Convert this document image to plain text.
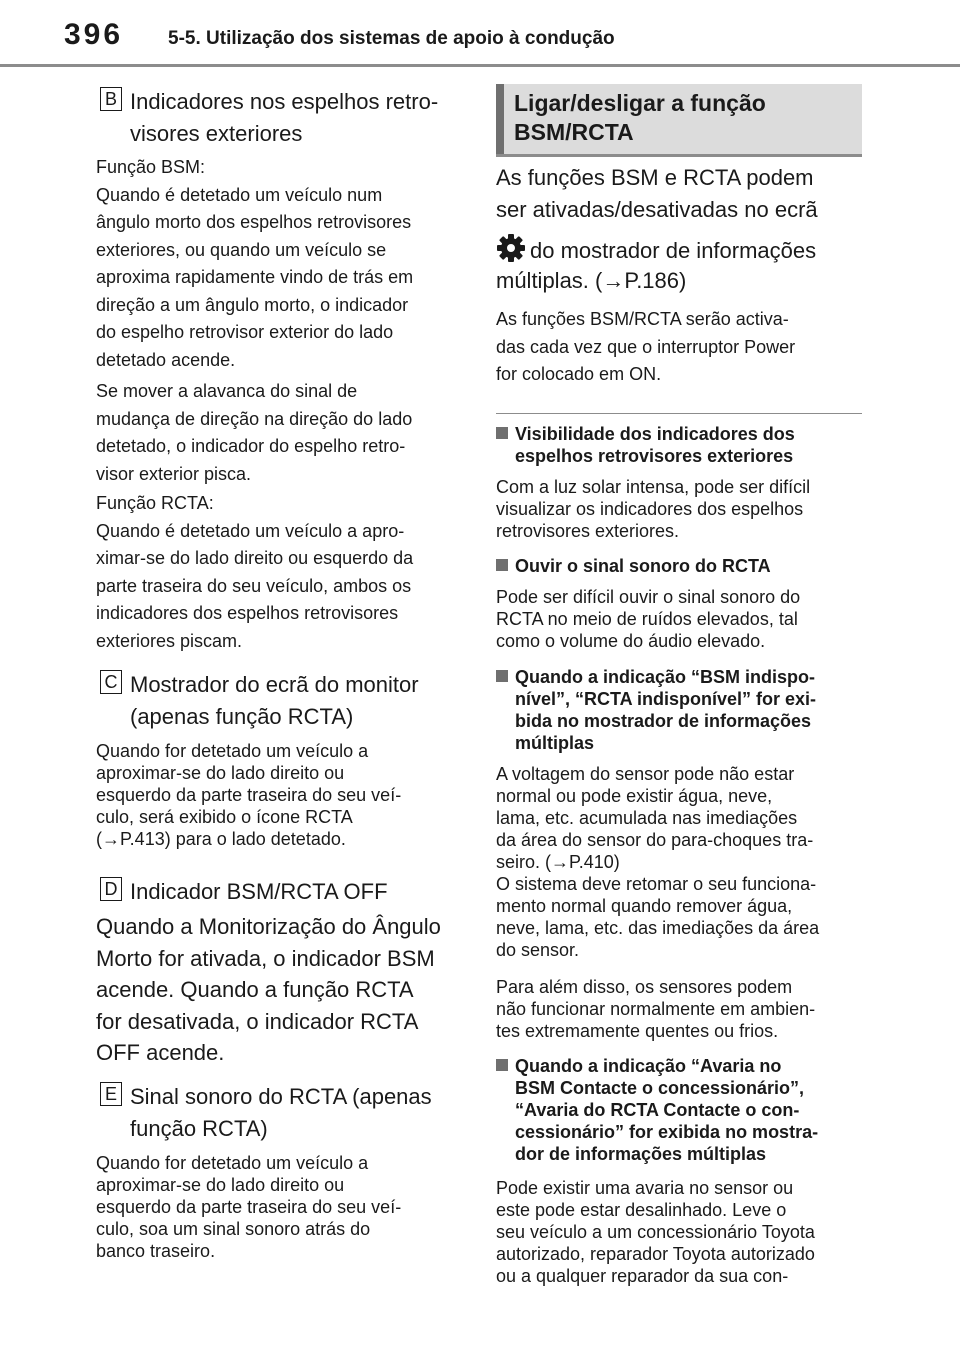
396 5-5. Utilização dos sistemas de apoio à condução
B Indicadores nos espelhos retro-
visores exteriores
Função BSM:
Quando é detetado um veículo num
ângulo morto dos espelhos retrovisores
exteriores, ou quando um veículo se
aproxima rapidamente vindo de trás em
direção a um ângulo morto, o indicador
do espelho retrovisor exterior do lado
detetado acende.
Se mover a alavanca do sinal de
mudança de direção na direção do lado
detetado, o indicador do espelho retro-
visor exterior pisca.
Função RCTA:
Quando é detetado um veículo a apro-
ximar-se do lado direito ou esquerdo da
parte traseira do seu veículo, ambos os
indicadores dos espelhos retrovisores
exteriores piscam.
C Mostrador do ecrã do monitor
(apenas função RCTA)
Quando for detetado um veículo a
aproximar-se do lado direito ou
esquerdo da parte traseira do seu veí-
culo, será exibido o ícone RCTA
(→P.413) para o lado detetado.
D Indicador BSM/RCTA OFF
Quando a Monitorização do Ângulo
Morto for ativada, o indicador BSM
acende. Quando a função RCTA
for desativada, o indicador RCTA
OFF acende.
E Sinal sonoro do RCTA (apenas
função RCTA)
Quando for detetado um veículo a
aproximar-se do lado direito ou
esquerdo da parte traseira do seu veí-
culo, soa um sinal sonoro atrás do
banco traseiro.
Ligar/desligar a função
BSM/RCTA
As funções BSM e RCTA podem
ser ativadas/desativadas no ecrã
do mostrador de informações
múltiplas. (→P.186)
As funções BSM/RCTA serão activa-
das cada vez que o interruptor Power
for colocado em ON.
Visibilidade dos indicadores dos
espelhos retrovisores exteriores
Com a luz solar intensa, pode ser difícil
visualizar os indicadores dos espelhos
retrovisores exteriores.
Ouvir o sinal sonoro do RCTA
Pode ser difícil ouvir o sinal sonoro do
RCTA no meio de ruídos elevados, tal
como o volume do áudio elevado.
Quando a indicação “BSM indispo-
nível”, “RCTA indisponível” for exi-
bida no mostrador de informações
múltiplas
A voltagem do sensor pode não estar
normal ou pode existir água, neve,
lama, etc. acumulada nas imediações
da área do sensor do para-choques tra-
seiro. (→P.410)
O sistema deve retomar o seu funciona-
mento normal quando remover água,
neve, lama, etc. das imediações da área
do sensor.
Para além disso, os sensores podem
não funcionar normalmente em ambien-
tes extremamente quentes ou frios.
Quando a indicação “Avaria no
BSM Contacte o concessionário”,
“Avaria do RCTA Contacte o con-
cessionário” for exibida no mostra-
dor de informações múltiplas
Pode existir uma avaria no sensor ou
este pode estar desalinhado. Leve o
seu veículo a um concessionário Toyota
autorizado, reparador Toyota autorizado
ou a qualquer reparador da sua con-
